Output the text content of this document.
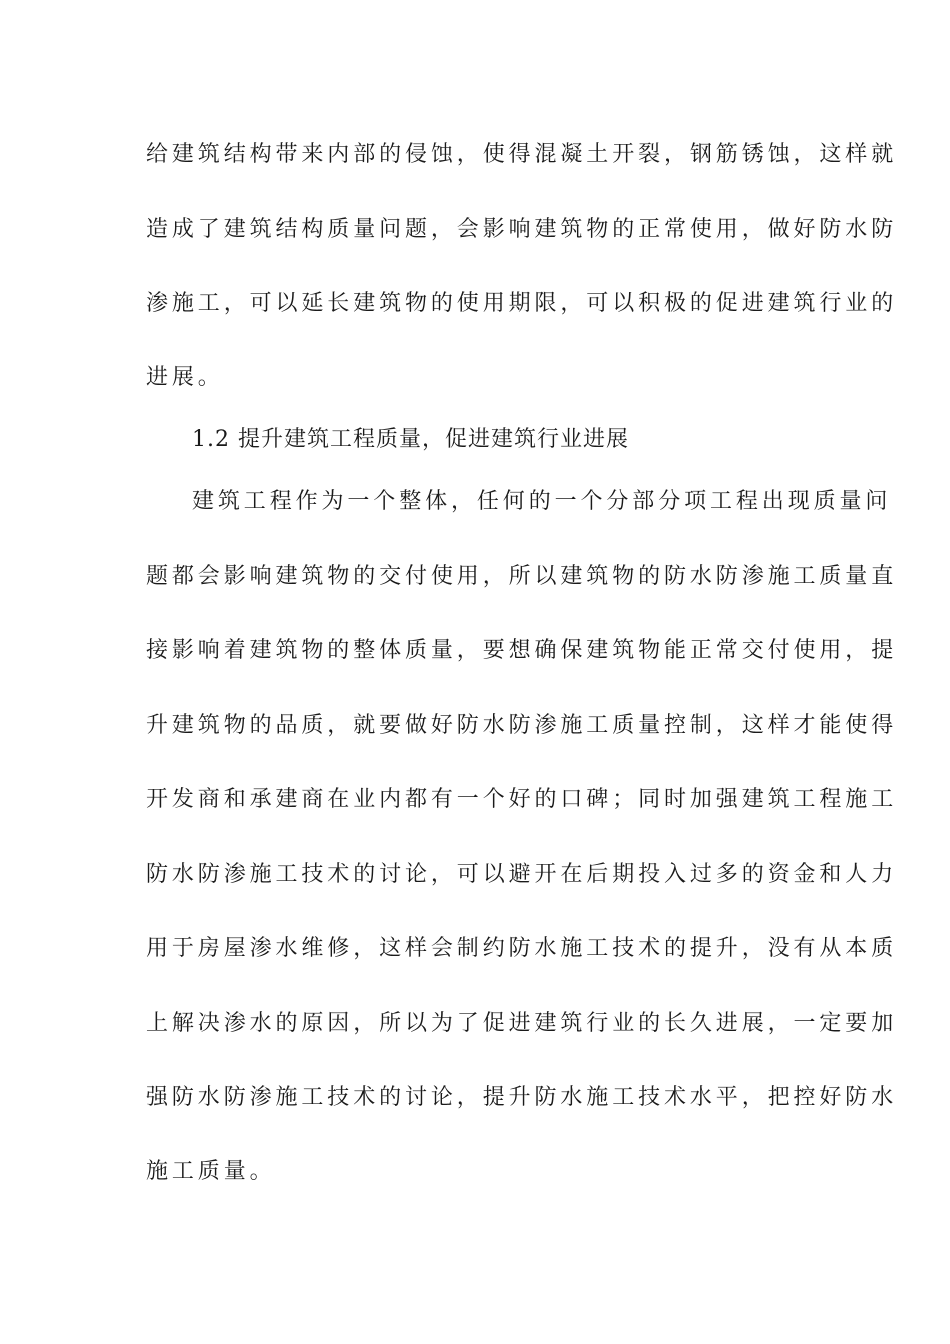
给建筑结构带来内部的侵蚀，使得混凝土开裂，钢筋锈蚀，这样就
造成了建筑结构质量问题，会影响建筑物的正常使用，做好防水防
渗施工，可以延长建筑物的使用期限，可以积极的促进建筑行业的
进展。
1.2 提升建筑工程质量，促进建筑行业进展
建筑工程作为一个整体，任何的一个分部分项工程出现质量问
题都会影响建筑物的交付使用，所以建筑物的防水防渗施工质量直
接影响着建筑物的整体质量，要想确保建筑物能正常交付使用，提
升建筑物的品质，就要做好防水防渗施工质量控制，这样才能使得
开发商和承建商在业内都有一个好的口碑；同时加强建筑工程施工
防水防渗施工技术的讨论，可以避开在后期投入过多的资金和人力
用于房屋渗水维修，这样会制约防水施工技术的提升，没有从本质
上解决渗水的原因，所以为了促进建筑行业的长久进展，一定要加
强防水防渗施工技术的讨论，提升防水施工技术水平，把控好防水
施工质量。
